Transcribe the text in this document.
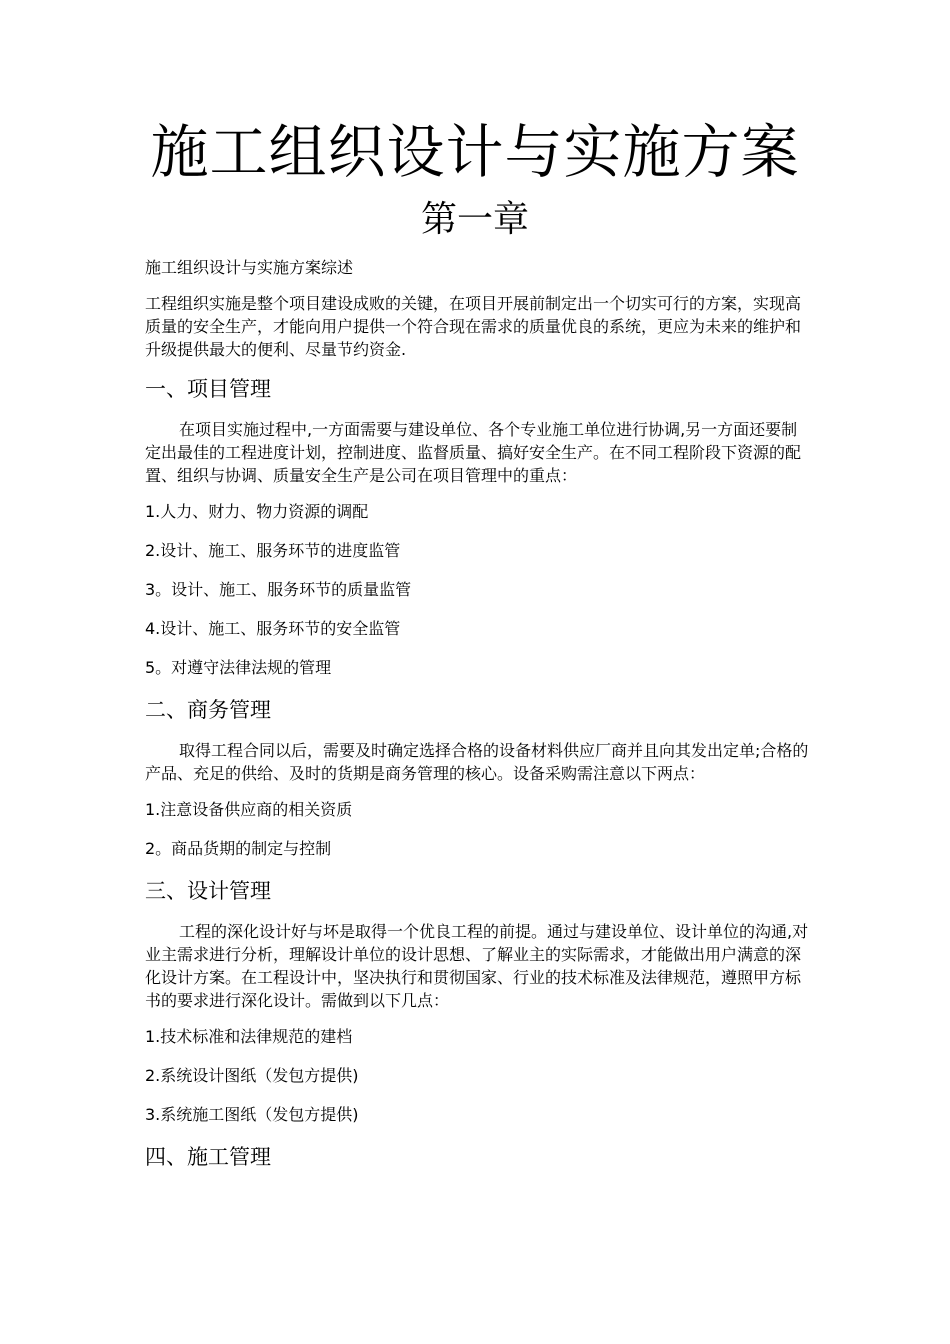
施工组织设计与实施方案
第一章

施工组织设计与实施方案综述

工程组织实施是整个项目建设成败的关键，在项目开展前制定出一个切实可行的方案，实现高质量的安全生产，才能向用户提供一个符合现在需求的质量优良的系统，更应为未来的维护和升级提供最大的便利、尽量节约资金.

一、项目管理

在项目实施过程中,一方面需要与建设单位、各个专业施工单位进行协调,另一方面还要制定出最佳的工程进度计划，控制进度、监督质量、搞好安全生产。在不同工程阶段下资源的配置、组织与协调、质量安全生产是公司在项目管理中的重点：

1.人力、财力、物力资源的调配

2.设计、施工、服务环节的进度监管

3。设计、施工、服务环节的质量监管

4.设计、施工、服务环节的安全监管

5。对遵守法律法规的管理

二、商务管理

取得工程合同以后，需要及时确定选择合格的设备材料供应厂商并且向其发出定单;合格的产品、充足的供给、及时的货期是商务管理的核心。设备采购需注意以下两点：

1.注意设备供应商的相关资质

2。商品货期的制定与控制

三、设计管理

工程的深化设计好与坏是取得一个优良工程的前提。通过与建设单位、设计单位的沟通,对业主需求进行分析，理解设计单位的设计思想、了解业主的实际需求，才能做出用户满意的深化设计方案。在工程设计中，坚决执行和贯彻国家、行业的技术标准及法律规范，遵照甲方标书的要求进行深化设计。需做到以下几点：

1.技术标准和法律规范的建档

2.系统设计图纸（发包方提供)

3.系统施工图纸（发包方提供)

四、施工管理
